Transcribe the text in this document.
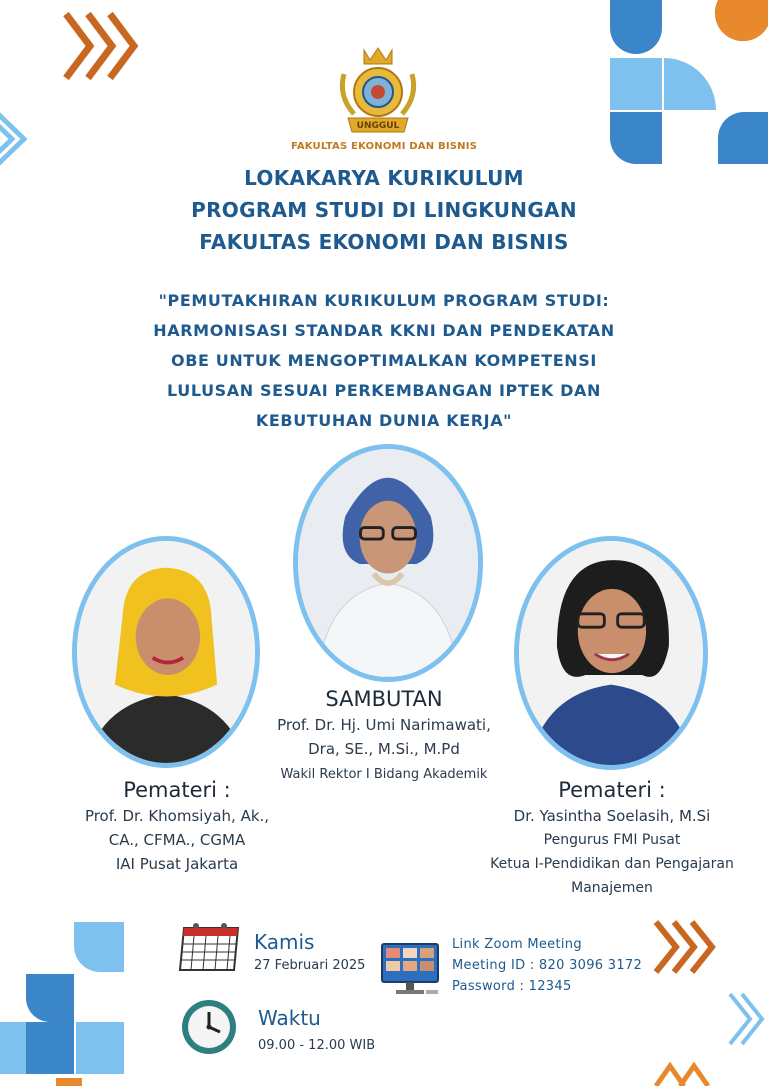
UNGGUL
FAKULTAS EKONOMI DAN BISNIS
LOKAKARYA KURIKULUM
PROGRAM STUDI DI LINGKUNGAN
FAKULTAS EKONOMI DAN BISNIS
"PEMUTAKHIRAN KURIKULUM PROGRAM STUDI:
HARMONISASI STANDAR KKNI DAN PENDEKATAN
OBE UNTUK MENGOPTIMALKAN KOMPETENSI
LULUSAN SESUAI PERKEMBANGAN IPTEK DAN
KEBUTUHAN DUNIA KERJA"
SAMBUTAN
Prof. Dr. Hj. Umi Narimawati,
Dra, SE., M.Si., M.Pd
Wakil Rektor I Bidang Akademik
Pemateri :
Prof. Dr. Khomsiyah, Ak.,
CA., CFMA., CGMA
IAI Pusat Jakarta
Pemateri :
Dr. Yasintha Soelasih, M.Si
Pengurus FMI Pusat
Ketua I-Pendidikan dan Pengajaran
Manajemen
Kamis
27 Februari 2025
Link Zoom Meeting
Meeting ID : 820 3096 3172
Password : 12345
Waktu
09.00 - 12.00 WIB
